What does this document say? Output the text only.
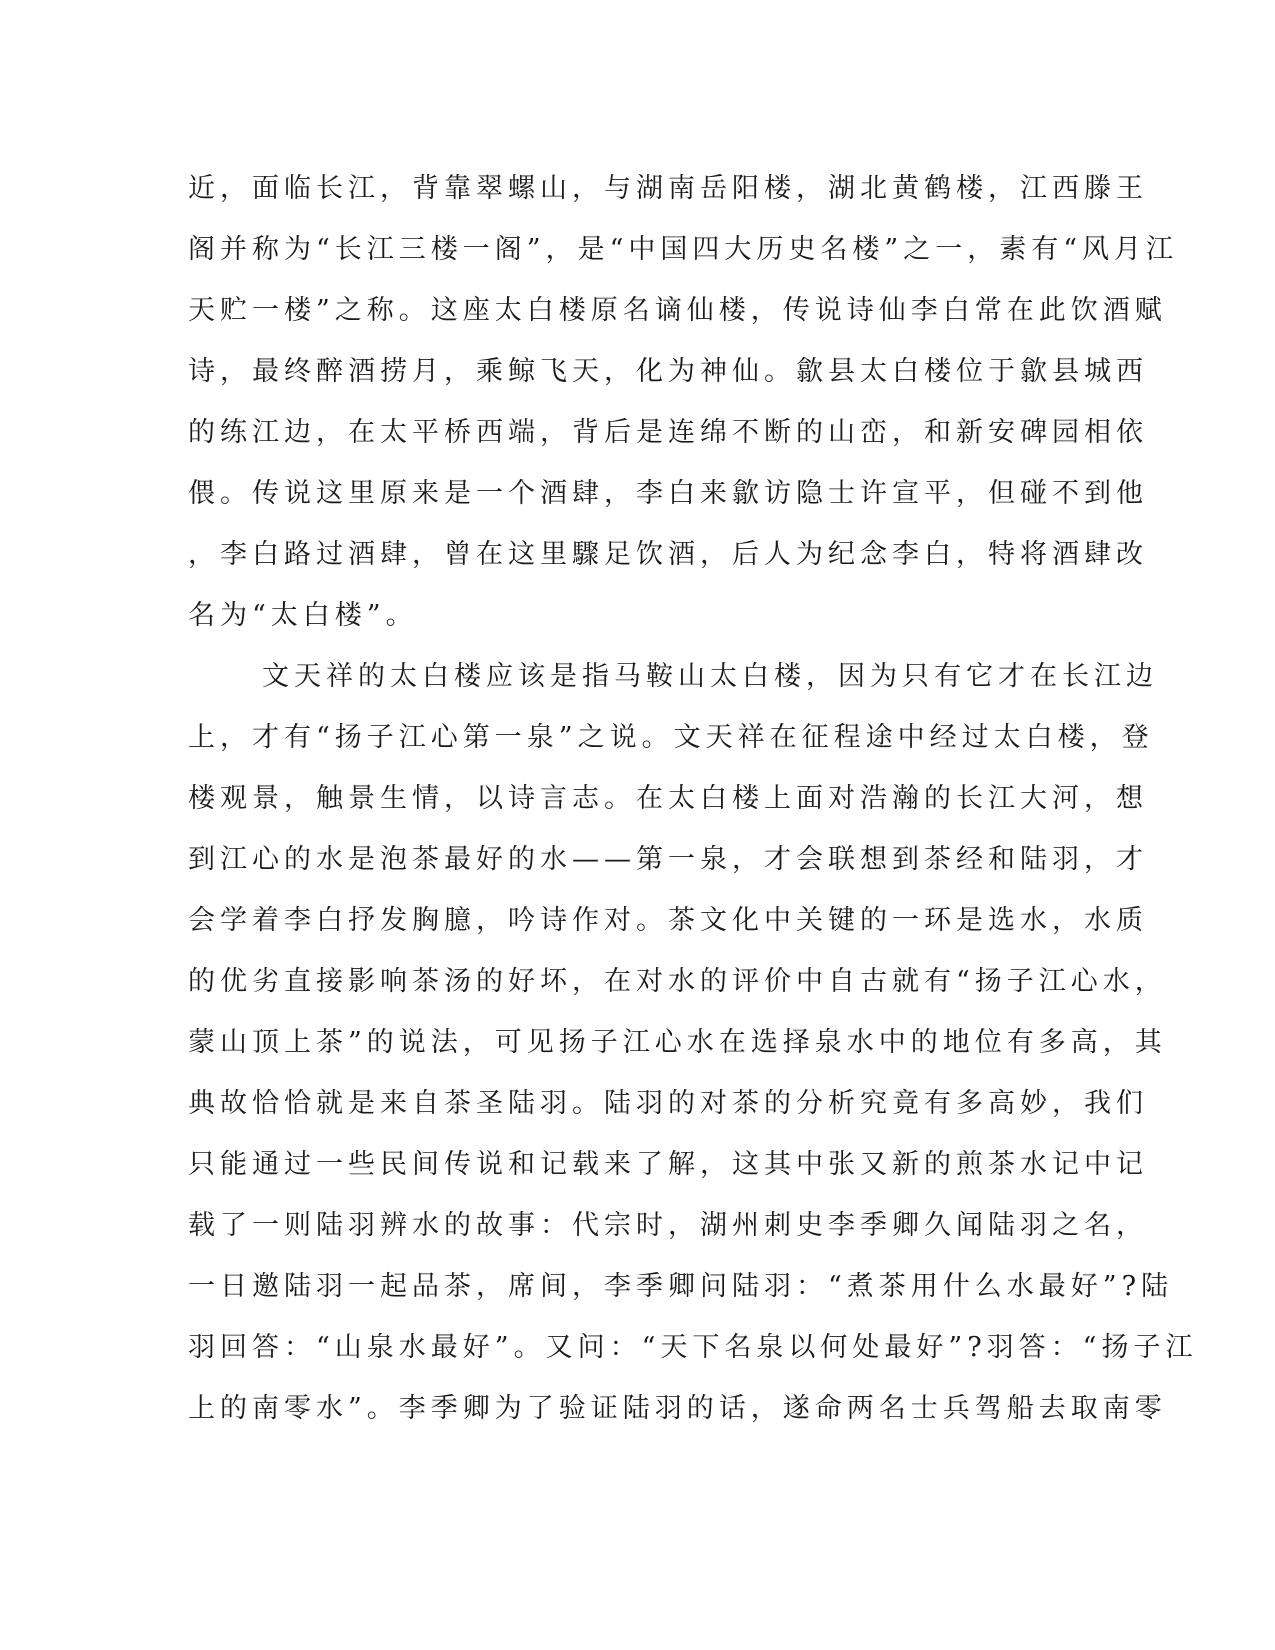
近，面临长江，背靠翠螺山，与湖南岳阳楼，湖北黄鹤楼，江西滕王
阁并称为“长江三楼一阁”，是“中国四大历史名楼”之一，素有“风月江
天贮一楼”之称。这座太白楼原名谪仙楼，传说诗仙李白常在此饮酒赋
诗，最终醉酒捞月，乘鲸飞天，化为神仙。歙县太白楼位于歙县城西
的练江边，在太平桥西端，背后是连绵不断的山峦，和新安碑园相依
偎。传说这里原来是一个酒肆，李白来歙访隐士许宣平，但碰不到他
，李白路过酒肆，曾在这里驟足饮酒，后人为纪念李白，特将酒肆改
名为“太白楼”。
文天祥的太白楼应该是指马鞍山太白楼，因为只有它才在长江边
上，才有“扬子江心第一泉”之说。文天祥在征程途中经过太白楼，登
楼观景，触景生情，以诗言志。在太白楼上面对浩瀚的长江大河，想
到江心的水是泡茶最好的水——第一泉，才会联想到茶经和陆羽，才
会学着李白抒发胸臆，吟诗作对。茶文化中关键的一环是选水，水质
的优劣直接影响茶汤的好坏，在对水的评价中自古就有“扬子江心水，
蒙山顶上茶”的说法，可见扬子江心水在选择泉水中的地位有多高，其
典故恰恰就是来自茶圣陆羽。陆羽的对茶的分析究竟有多高妙，我们
只能通过一些民间传说和记载来了解，这其中张又新的煎茶水记中记
载了一则陆羽辨水的故事：代宗时，湖州刺史李季卿久闻陆羽之名，
一日邀陆羽一起品茶，席间，李季卿问陆羽：“煮茶用什么水最好”?陆
羽回答：“山泉水最好”。又问：“天下名泉以何处最好”?羽答：“扬子江
上的南零水”。李季卿为了验证陆羽的话，遂命两名士兵驾船去取南零
